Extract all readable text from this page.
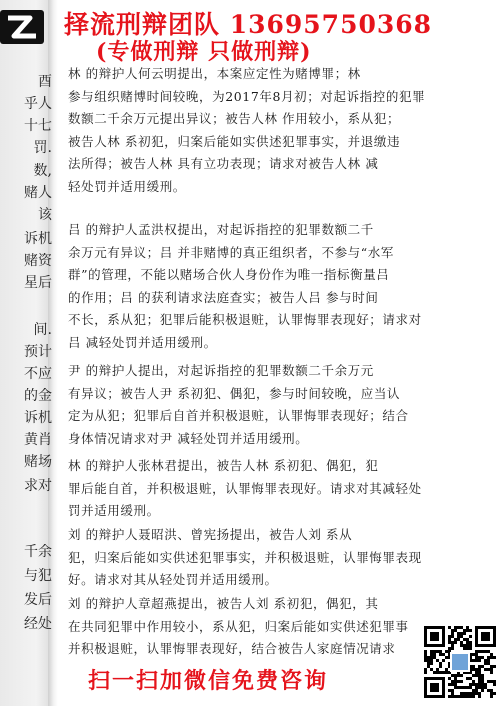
酉
乎人
十七
罚.
数,
赌人
该
诉机
赌资
星后
间.
预计
不应
的金
诉机
黄肖
赌场
求对
千余
与犯
发后
经处
择流刑辩团队 13695750368
(专做刑辩 只做刑辩)
林 的辩护人何云明提出，本案应定性为赌博罪；林
参与组织赌博时间较晚，为2017年8月初；对起诉指控的犯罪
数额二千余万元提出异议；被告人林 作用较小，系从犯；
被告人林 系初犯，归案后能如实供述犯罪事实，并退缴违
法所得；被告人林 具有立功表现；请求对被告人林 减
轻处罚并适用缓刑。
吕 的辩护人孟洪权提出，对起诉指控的犯罪数额二千
余万元有异议；吕 并非赌博的真正组织者，不参与“水军
群”的管理，不能以赌场合伙人身份作为唯一指标衡量吕
的作用；吕 的获利请求法庭查实；被告人吕 参与时间
不长，系从犯；犯罪后能积极退赃，认罪悔罪表现好；请求对
吕 减轻处罚并适用缓刑。
尹 的辩护人提出，对起诉指控的犯罪数额二千余万元
有异议；被告人尹 系初犯、偶犯，参与时间较晚，应当认
定为从犯；犯罪后自首并积极退赃，认罪悔罪表现好；结合
身体情况请求对尹 减轻处罚并适用缓刑。
林 的辩护人张林君提出，被告人林 系初犯、偶犯，犯
罪后能自首，并积极退赃，认罪悔罪表现好。请求对其减轻处
罚并适用缓刑。
刘 的辩护人聂昭洪、曾宪扬提出，被告人刘 系从
犯，归案后能如实供述犯罪事实，并积极退赃，认罪悔罪表现
好。请求对其从轻处罚并适用缓刑。
刘 的辩护人章超燕提出，被告人刘 系初犯，偶犯，其
在共同犯罪中作用较小，系从犯，归案后能如实供述犯罪事
并积极退赃，认罪悔罪表现好，结合被告人家庭情况请求
扫一扫加微信免费咨询
